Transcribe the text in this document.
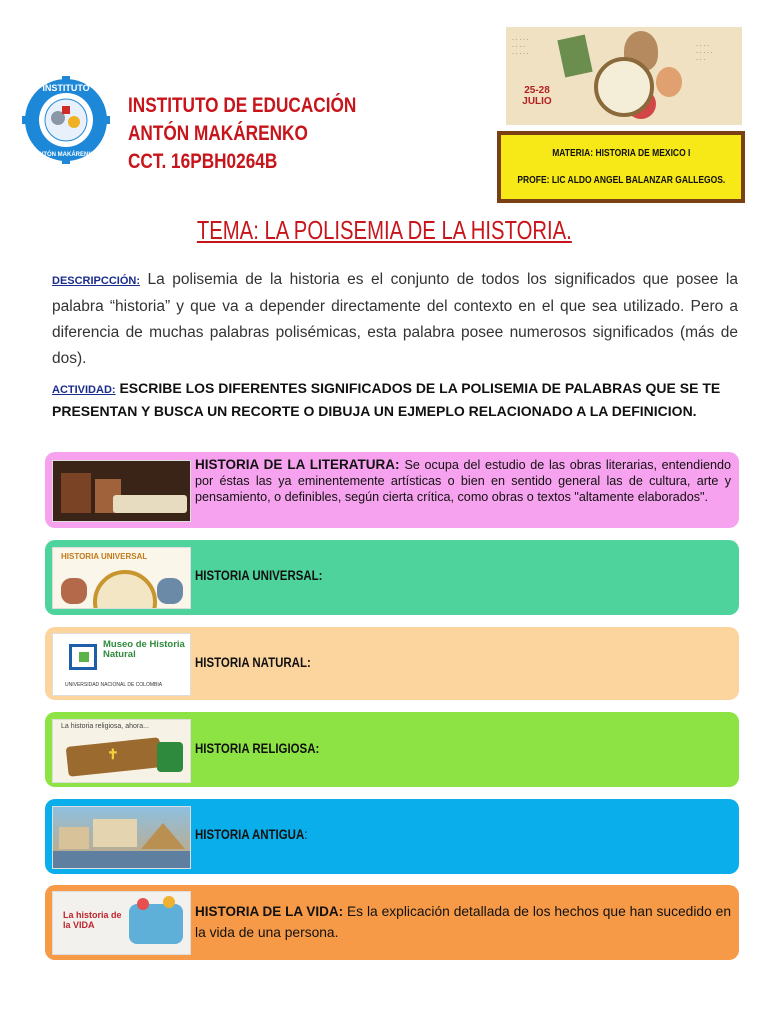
INSTITUTO
ANTÓN MAKÁRENKO
INSTITUTO DE EDUCACIÓN
ANTÓN MAKÁRENKO
CCT. 16PBH0264B
· · · · ·
· · · ·
· · · · ·
· · · ·
· · · · ·
· · ·
25-28
JULIO
MATERIA: HISTORIA DE MEXICO I
PROFE: LIC ALDO ANGEL BALANZAR GALLEGOS.
TEMA: LA POLISEMIA DE LA HISTORIA.
DESCRIPCCIÓN: La polisemia de la historia es el conjunto de todos los significados que posee la palabra “historia” y que va a depender directamente del contexto en el que sea utilizado. Pero a diferencia de muchas palabras polisémicas, esta palabra posee numerosos significados (más de dos).
ACTIVIDAD: ESCRIBE LOS DIFERENTES SIGNIFICADOS DE LA POLISEMIA DE PALABRAS QUE SE TE PRESENTAN Y BUSCA UN RECORTE O DIBUJA UN EJMEPLO RELACIONADO A LA DEFINICION.
HISTORIA DE LA LITERATURA: Se ocupa del estudio de las obras literarias, entendiendo por éstas las ya eminentemente artísticas o bien en sentido general las de cultura, arte y pensamiento, o definibles, según cierta crítica, como obras o textos "altamente elaborados".
HISTORIA UNIVERSAL
HISTORIA UNIVERSAL:
Museo de Historia Natural
UNIVERSIDAD NACIONAL DE COLOMBIA
HISTORIA NATURAL:
La historia religiosa, ahora...
✝	HISTORIA RELIGIOSA:
HISTORIA ANTIGUA:
La historia de la VIDA
HISTORIA DE LA VIDA: Es la explicación detallada de los hechos que han sucedido en la vida de una persona.
